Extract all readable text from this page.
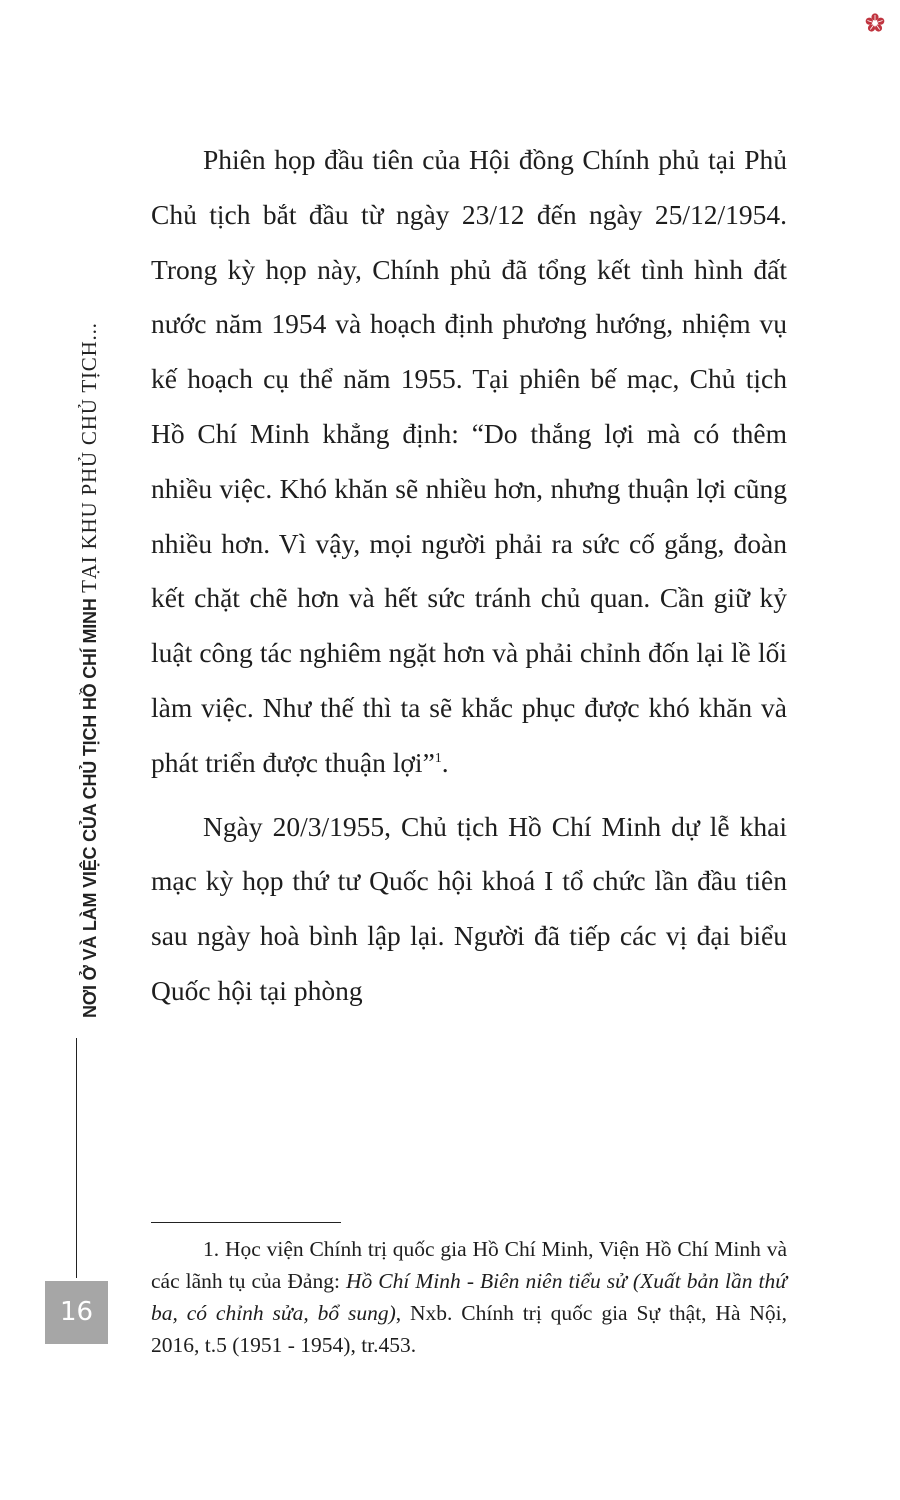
NƠI Ở VÀ LÀM VIỆC CỦA CHỦ TỊCH HỒ CHÍ MINH TẠI KHU PHỦ CHỦ TỊCH...
16

Phiên họp đầu tiên của Hội đồng Chính phủ tại Phủ Chủ tịch bắt đầu từ ngày 23/12 đến ngày 25/12/1954. Trong kỳ họp này, Chính phủ đã tổng kết tình hình đất nước năm 1954 và hoạch định phương hướng, nhiệm vụ kế hoạch cụ thể năm 1955. Tại phiên bế mạc, Chủ tịch Hồ Chí Minh khẳng định: “Do thắng lợi mà có thêm nhiều việc. Khó khăn sẽ nhiều hơn, nhưng thuận lợi cũng nhiều hơn. Vì vậy, mọi người phải ra sức cố gắng, đoàn kết chặt chẽ hơn và hết sức tránh chủ quan. Cần giữ kỷ luật công tác nghiêm ngặt hơn và phải chỉnh đốn lại lề lối làm việc. Như thế thì ta sẽ khắc phục được khó khăn và phát triển được thuận lợi”$^1$.

Ngày 20/3/1955, Chủ tịch Hồ Chí Minh dự lễ khai mạc kỳ họp thứ tư Quốc hội khoá I tổ chức lần đầu tiên sau ngày hoà bình lập lại. Người đã tiếp các vị đại biểu Quốc hội tại phòng

1. Học viện Chính trị quốc gia Hồ Chí Minh, Viện Hồ Chí Minh và các lãnh tụ của Đảng: Hồ Chí Minh - Biên niên tiểu sử (Xuất bản lần thứ ba, có chỉnh sửa, bổ sung), Nxb. Chính trị quốc gia Sự thật, Hà Nội, 2016, t.5 (1951 - 1954), tr.453.
